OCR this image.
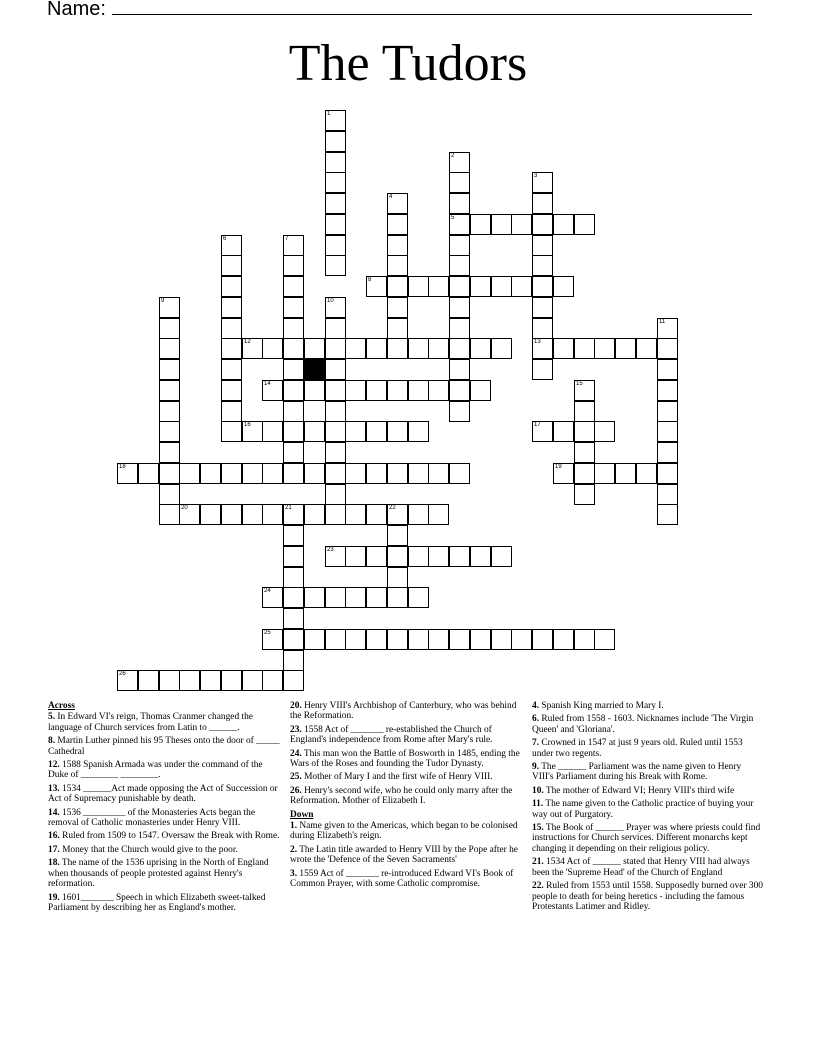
Name:
The Tudors
1
2
5
3
13
4
6	7
8
9	10
11
12
14	15
16	17
18	19
20	21	22
23
24
25
26
Across
5. In Edward VI's reign, Thomas Cranmer changed the language of Church services from Latin to ______.
8. Martin Luther pinned his 95 Theses onto the door of _____ Cathedral
12. 1588 Spanish Armada was under the command of the Duke of ________ ________.
13. 1534 ______Act made opposing the Act of Succession or Act of Supremacy punishable by death.
14. 1536 _________ of the Monasteries Acts began the removal of Catholic monasteries under Henry VIII.
16. Ruled from 1509 to 1547. Oversaw the Break with Rome.
17. Money that the Church would give to the poor.
18. The name of the 1536 uprising in the North of England when thousands of people protested against Henry's reformation.
19. 1601_______ Speech in which Elizabeth sweet-talked Parliament by describing her as England's mother.
20. Henry VIII's Archbishop of Canterbury, who was behind the Reformation.
23. 1558 Act of _______ re-established the Church of England's independence from Rome after Mary's rule.
24. This man won the Battle of Bosworth in 1485, ending the Wars of the Roses and founding the Tudor Dynasty.
25. Mother of Mary I and the first wife of Henry VIII.
26. Henry's second wife, who he could only marry after the Reformation. Mother of Elizabeth I.
Down
1. Name given to the Americas, which began to be colonised during Elizabeth's reign.
2. The Latin title awarded to Henry VIII by the Pope after he wrote the 'Defence of the Seven Sacraments'
3. 1559 Act of _______ re-introduced Edward VI's Book of Common Prayer, with some Catholic compromise.
4. Spanish King married to Mary I.
6. Ruled from 1558 - 1603. Nicknames include 'The Virgin Queen' and 'Gloriana'.
7. Crowned in 1547 at just 9 years old. Ruled until 1553 under two regents.
9. The ______ Parliament was the name given to Henry VIII's Parliament during his Break with Rome.
10. The mother of Edward VI; Henry VIII's third wife
11. The name given to the Catholic practice of buying your way out of Purgatory.
15. The Book of ______ Prayer was where priests could find instructions for Church services. Different monarchs kept changing it depending on their religious policy.
21. 1534 Act of ______ stated that Henry VIII had always been the 'Supreme Head' of the Church of England
22. Ruled from 1553 until 1558. Supposedly burned over 300 people to death for being heretics - including the famous Protestants Latimer and Ridley.
